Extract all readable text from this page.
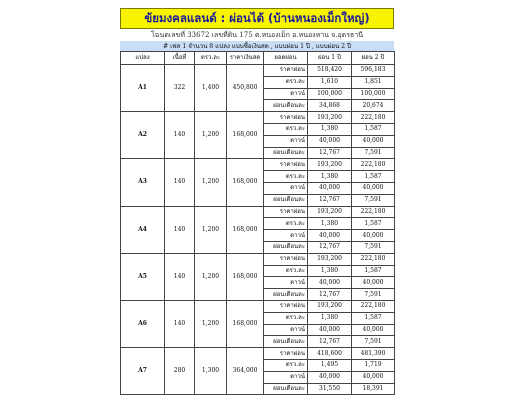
ข้ยมงคลแลนด์ : ผ่อนได้ (บ้านหนองเม็กใหญ่)
โฉนดเลขที่ 33672 เลขที่ดิน 175 ต.หนองเม็ก อ.หนองหาน จ.อุดรธานี
# เฟส 1 จำนวน 8 แปลง แบบซื้อเงินสด , แบบผ่อน 1 ปี , แบบผ่อน 2 ปี
แปลง	เนื้อที่	ตรว.ละ	ราคาเงินสด	ยอดผ่อน	ผ่อน 1 ปี	ผ่อน 2 ปี
A1	322	1,400	450,800	ราคาผ่อน	518,420	596,183
				ตรว.ละ	1,610	1,851
				ดาวน์	100,000	100,000
				ผ่อนเดือนละ	34,868	20,674
A2	140	1,200	168,000	ราคาผ่อน	193,200	222,180
				ตรว.ละ	1,380	1,587
				ดาวน์	40,000	40,000
				ผ่อนเดือนละ	12,767	7,591
A3	140	1,200	168,000	ราคาผ่อน	193,200	222,180
				ตรว.ละ	1,380	1,587
				ดาวน์	40,000	40,000
				ผ่อนเดือนละ	12,767	7,591
A4	140	1,200	168,000	ราคาผ่อน	193,200	222,180
				ตรว.ละ	1,380	1,587
				ดาวน์	40,000	40,000
				ผ่อนเดือนละ	12,767	7,591
A5	140	1,200	168,000	ราคาผ่อน	193,200	222,180
				ตรว.ละ	1,380	1,587
				ดาวน์	40,000	40,000
				ผ่อนเดือนละ	12,767	7,591
A6	140	1,200	168,000	ราคาผ่อน	193,200	222,180
				ตรว.ละ	1,380	1,587
				ดาวน์	40,000	40,000
				ผ่อนเดือนละ	12,767	7,591
A7	280	1,300	364,000	ราคาผ่อน	418,600	481,390
				ตรว.ละ	1,495	1,719
				ดาวน์	40,000	40,000
				ผ่อนเดือนละ	31,550	18,391
